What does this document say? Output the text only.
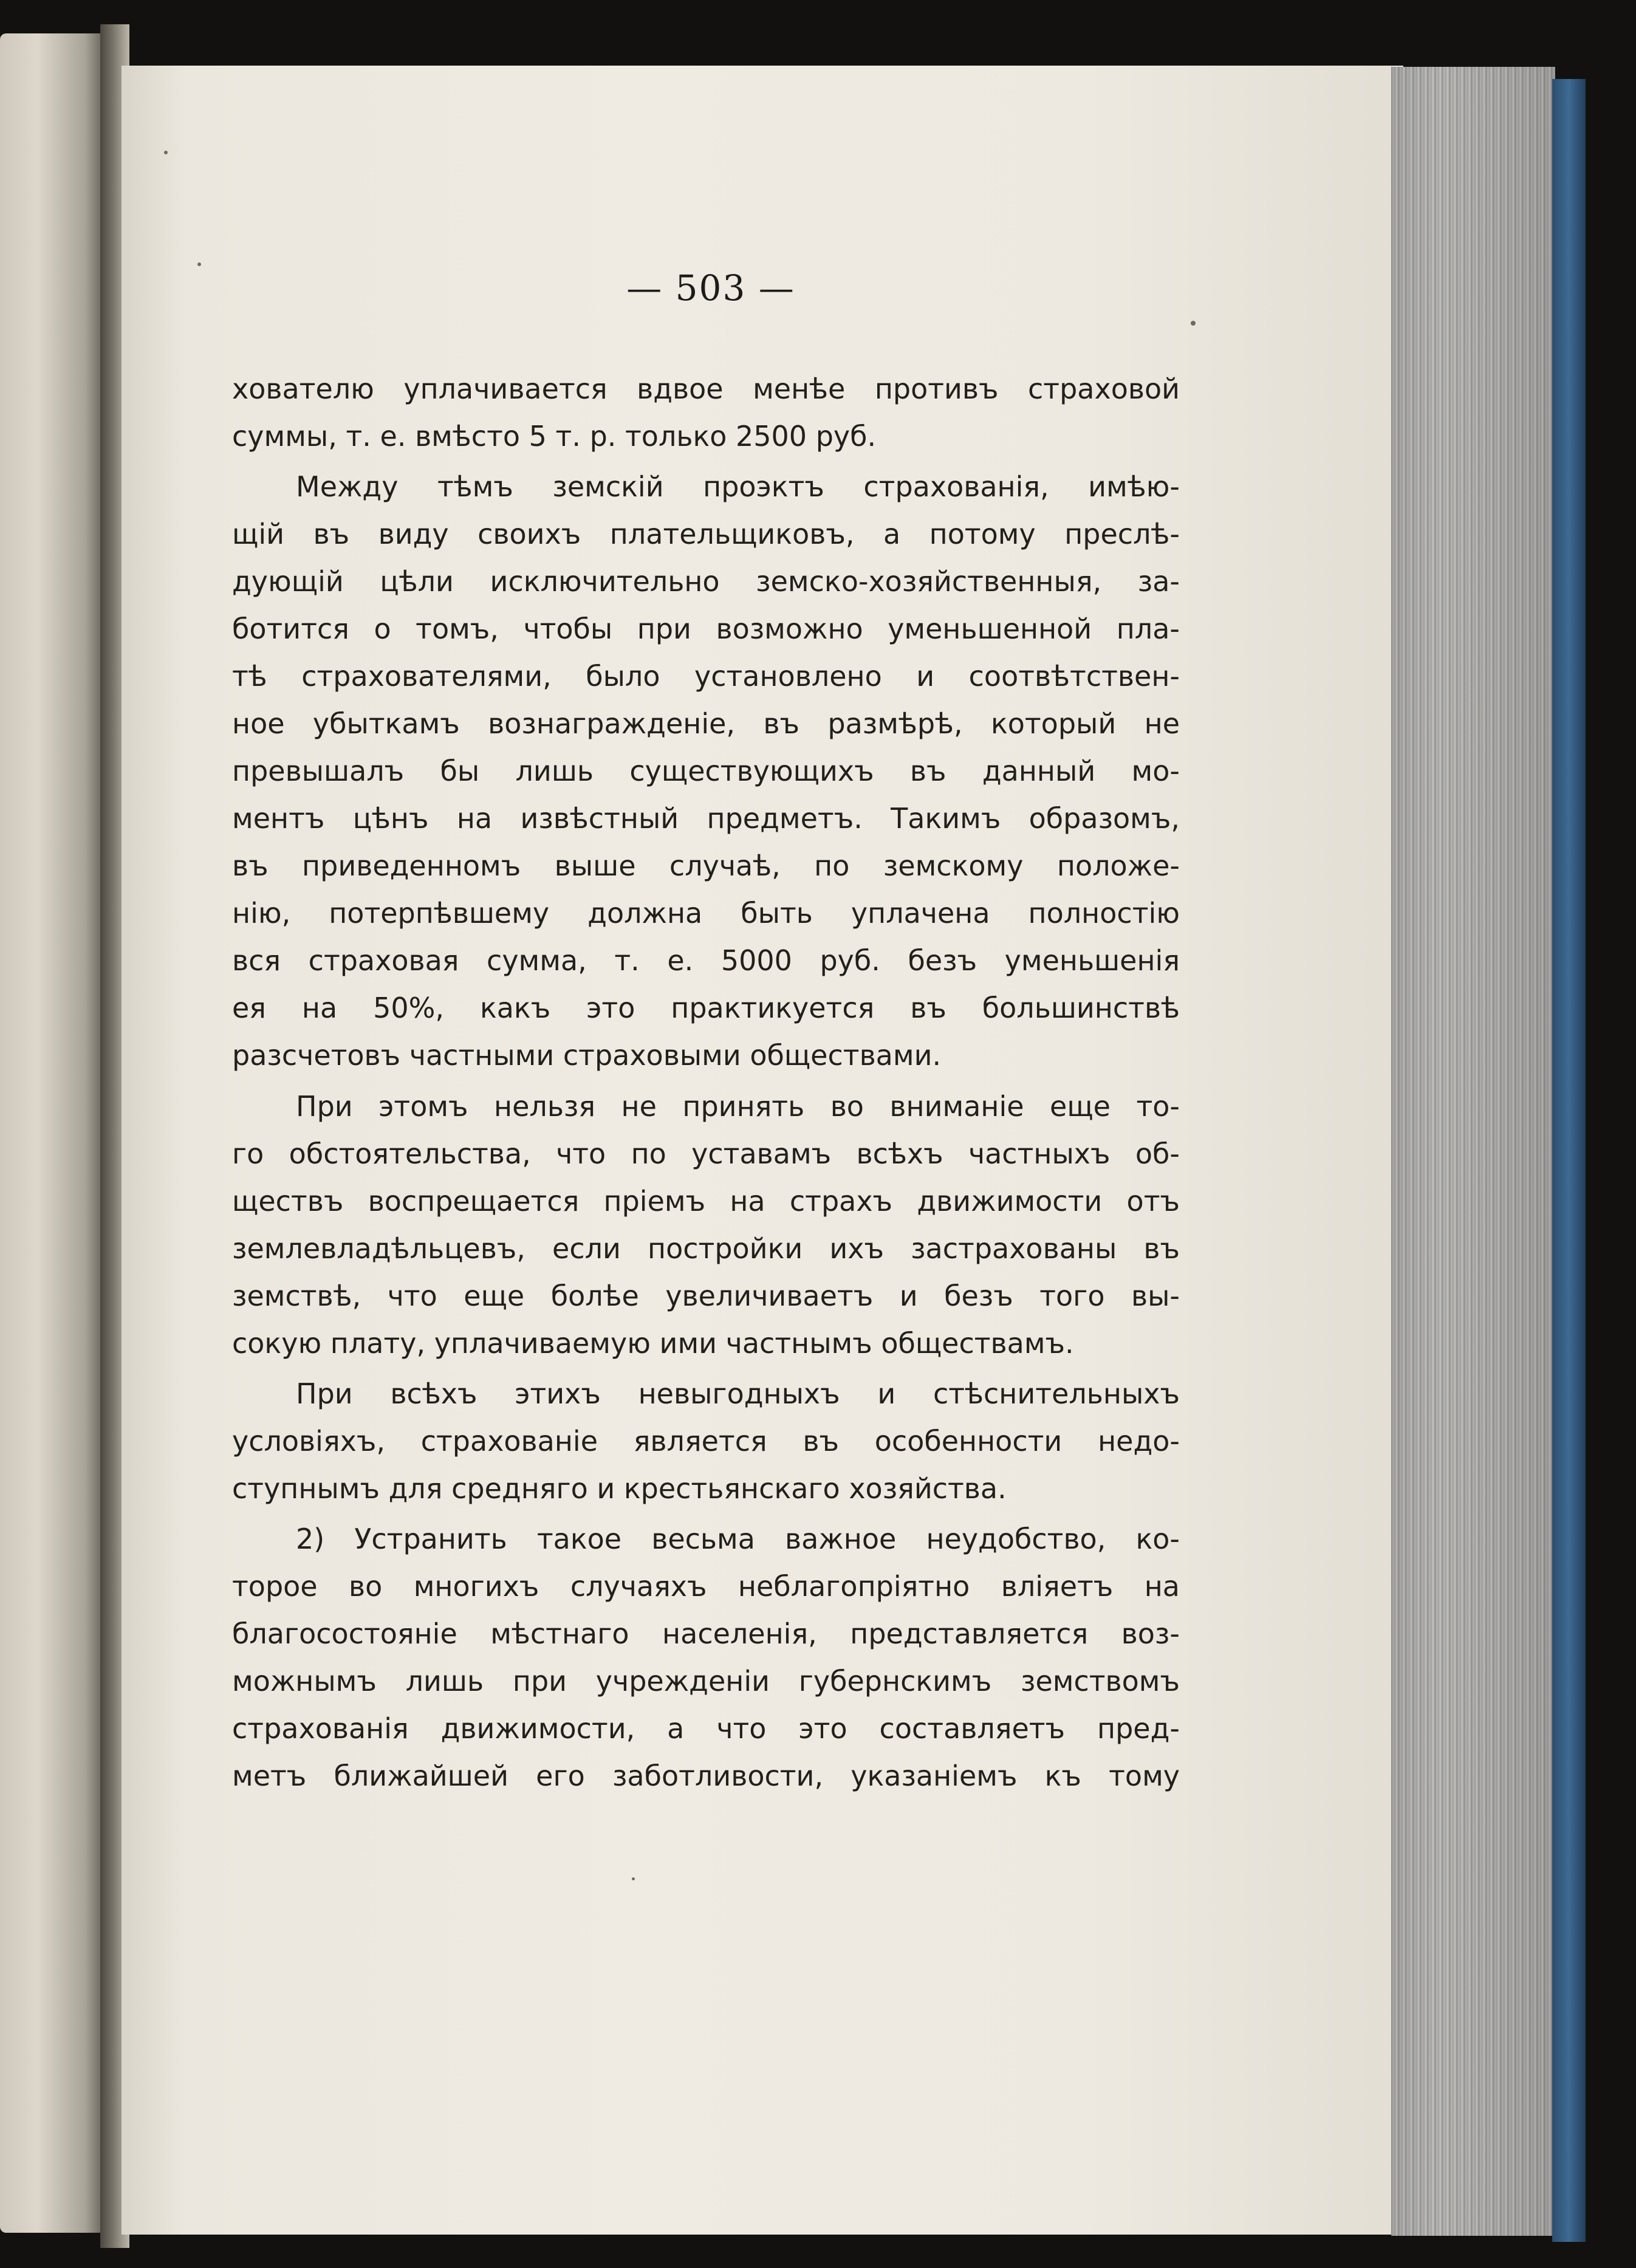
— 503 —
хователю уплачивается вдвое менѣе противъ страховой
суммы, т. е. вмѣсто 5 т. р. только 2500 руб.
Между тѣмъ земскій проэктъ страхованія, имѣю-
щій въ виду своихъ плательщиковъ, а потому преслѣ-
дующій цѣли исключительно земско-хозяйственныя, за-
ботится о томъ, чтобы при возможно уменьшенной пла-
тѣ страхователями, было установлено и соотвѣтствен-
ное убыткамъ вознагражденіе, въ размѣрѣ, который не
превышалъ бы лишь существующихъ въ данный мо-
ментъ цѣнъ на извѣстный предметъ. Такимъ образомъ,
въ приведенномъ выше случаѣ, по земскому положе-
нію, потерпѣвшему должна быть уплачена полностію
вся страховая сумма, т. е. 5000 руб. безъ уменьшенія
ея на 50%, какъ это практикуется въ большинствѣ
разсчетовъ частными страховыми обществами.
При этомъ нельзя не принять во вниманіе еще то-
го обстоятельства, что по уставамъ всѣхъ частныхъ об-
ществъ воспрещается пріемъ на страхъ движимости отъ
землевладѣльцевъ, если постройки ихъ застрахованы въ
земствѣ, что еще болѣе увеличиваетъ и безъ того вы-
сокую плату, уплачиваемую ими частнымъ обществамъ.
При всѣхъ этихъ невыгодныхъ и стѣснительныхъ
условіяхъ, страхованіе является въ особенности недо-
ступнымъ для средняго и крестьянскаго хозяйства.
2) Устранить такое весьма важное неудобство, ко-
торое во многихъ случаяхъ неблагопріятно вліяетъ на
благосостояніе мѣстнаго населенія, представляется воз-
можнымъ лишь при учрежденіи губернскимъ земствомъ
страхованія движимости, а что это составляетъ пред-
метъ ближайшей его заботливости, указаніемъ къ тому
